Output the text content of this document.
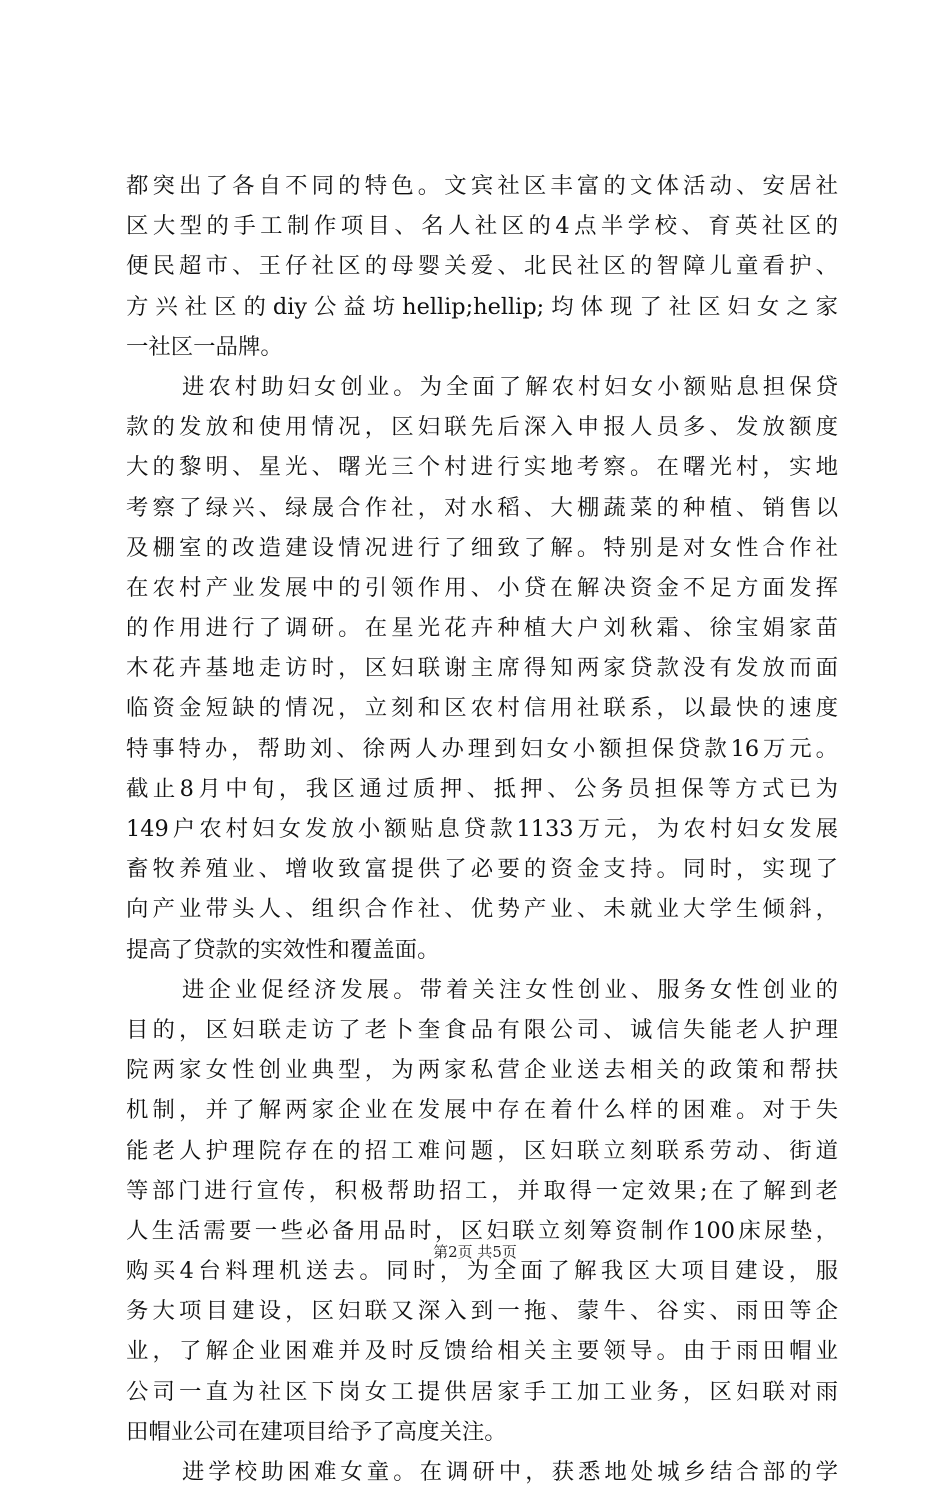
都突出了各自不同的特色。文宾社区丰富的文体活动、安居社
区大型的手工制作项目、名人社区的4点半学校、育英社区的
便民超市、王仔社区的母婴关爱、北民社区的智障儿童看护、
方兴社区的diy公益坊hellip;hellip;均体现了社区妇女之家
一社区一品牌。
进农村助妇女创业。为全面了解农村妇女小额贴息担保贷
款的发放和使用情况，区妇联先后深入申报人员多、发放额度
大的黎明、星光、曙光三个村进行实地考察。在曙光村，实地
考察了绿兴、绿晟合作社，对水稻、大棚蔬菜的种植、销售以
及棚室的改造建设情况进行了细致了解。特别是对女性合作社
在农村产业发展中的引领作用、小贷在解决资金不足方面发挥
的作用进行了调研。在星光花卉种植大户刘秋霜、徐宝娟家苗
木花卉基地走访时，区妇联谢主席得知两家贷款没有发放而面
临资金短缺的情况，立刻和区农村信用社联系，以最快的速度
特事特办，帮助刘、徐两人办理到妇女小额担保贷款16万元。
截止8月中旬，我区通过质押、抵押、公务员担保等方式已为
149户农村妇女发放小额贴息贷款1133万元，为农村妇女发展
畜牧养殖业、增收致富提供了必要的资金支持。同时，实现了
向产业带头人、组织合作社、优势产业、未就业大学生倾斜，
提高了贷款的实效性和覆盖面。
进企业促经济发展。带着关注女性创业、服务女性创业的
目的，区妇联走访了老卜奎食品有限公司、诚信失能老人护理
院两家女性创业典型，为两家私营企业送去相关的政策和帮扶
机制，并了解两家企业在发展中存在着什么样的困难。对于失
能老人护理院存在的招工难问题，区妇联立刻联系劳动、街道
等部门进行宣传，积极帮助招工，并取得一定效果;在了解到老
人生活需要一些必备用品时，区妇联立刻筹资制作100床尿垫，
购买4台料理机送去。同时，为全面了解我区大项目建设，服
务大项目建设，区妇联又深入到一拖、蒙牛、谷实、雨田等企
业，了解企业困难并及时反馈给相关主要领导。由于雨田帽业
公司一直为社区下岗女工提供居家手工加工业务，区妇联对雨
田帽业公司在建项目给予了高度关注。
进学校助困难女童。在调研中，获悉地处城乡结合部的学
第2页 共5页
